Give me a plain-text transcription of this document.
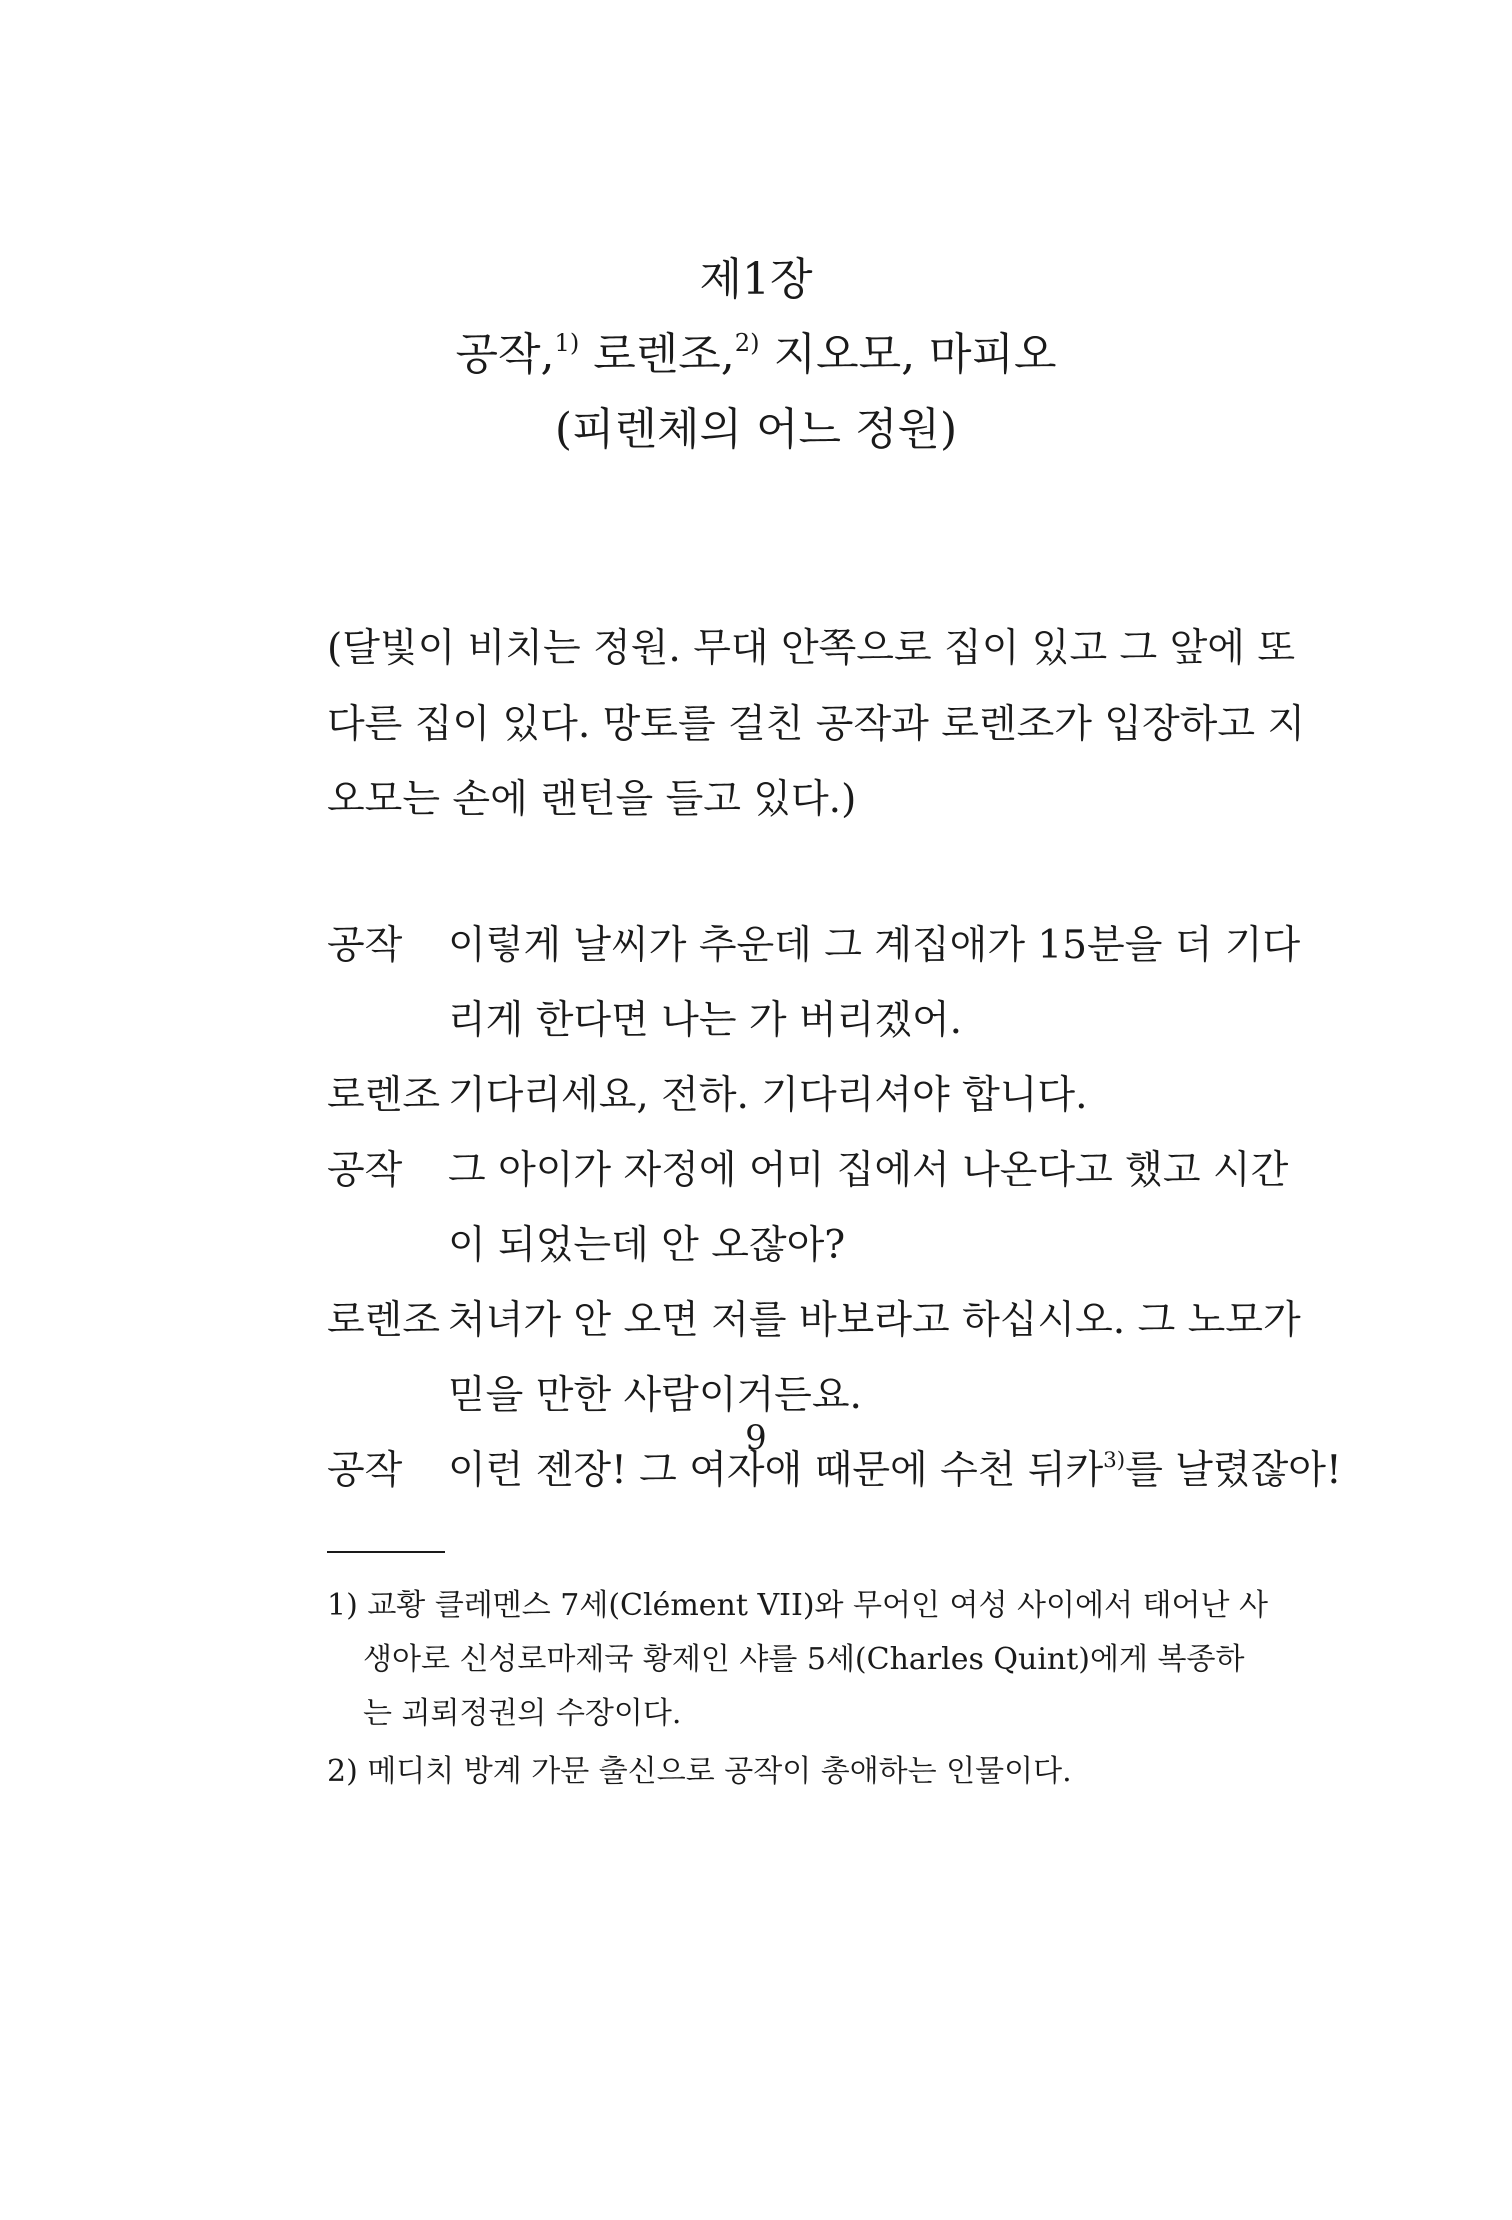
제1장
공작,$^{1)}$ 로렌조,$^{2)}$ 지오모, 마피오
(피렌체의 어느 정원)
(달빛이 비치는 정원. 무대 안쪽으로 집이 있고 그 앞에 또
다른 집이 있다. 망토를 걸친 공작과 로렌조가 입장하고 지
오모는 손에 랜턴을 들고 있다.)
공작 이렇게 날씨가 추운데 그 계집애가 15분을 더 기다
리게 한다면 나는 가 버리겠어.
로렌조 기다리세요, 전하. 기다리셔야 합니다.
공작 그 아이가 자정에 어미 집에서 나온다고 했고 시간
이 되었는데 안 오잖아?
로렌조 처녀가 안 오면 저를 바보라고 하십시오. 그 노모가
믿을 만한 사람이거든요.
공작 이런 젠장! 그 여자애 때문에 수천 뒤카$^{3)}$를 날렸잖아!
1) 교황 클레멘스 7세(Clément VII)와 무어인 여성 사이에서 태어난 사
생아로 신성로마제국 황제인 샤를 5세(Charles Quint)에게 복종하
는 괴뢰정권의 수장이다.
2) 메디치 방계 가문 출신으로 공작이 총애하는 인물이다.
9
